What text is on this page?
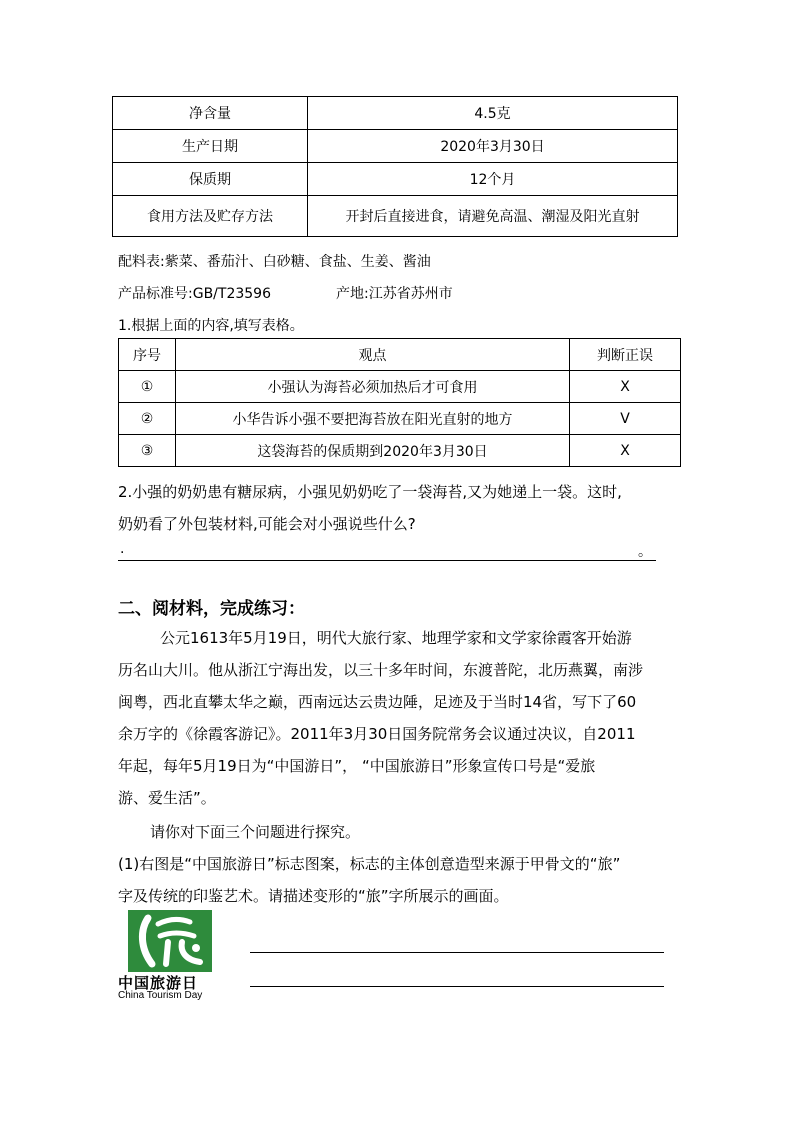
净含量	4.5克
生产日期	2020年3月30日
保质期	12个月
食用方法及贮存方法	开封后直接进食，请避免高温、潮湿及阳光直射
配料表:紫菜、番茄汁、白砂糖、食盐、生姜、酱油
产品标准号:GB/T23596	产地:江苏省苏州市
1.根据上面的内容,填写表格。
序号	观点	判断正误
①	小强认为海苔必须加热后才可食用	X
②	小华告诉小强不要把海苔放在阳光直射的地方	V
③	这袋海苔的保质期到2020年3月30日	X
2.小强的奶奶患有糖尿病，小强见奶奶吃了一袋海苔,又为她递上一袋。这时,
奶奶看了外包装材料,可能会对小强说些什么?
.	。
二、阅材料，完成练习：
公元1613年5月19日，明代大旅行家、地理学家和文学家徐霞客开始游
历名山大川。他从浙江宁海出发，以三十多年时间，东渡普陀，北历燕翼，南涉
闽粤，西北直攀太华之巅，西南远达云贵边陲，足迹及于当时14省，写下了60
余万字的《徐霞客游记》。2011年3月30日国务院常务会议通过决议，自2011
年起，每年5月19日为“中国游日”， “中国旅游日”形象宣传口号是“爱旅
游、爱生活”。
请你对下面三个问题进行探究。
(1)右图是“中国旅游日”标志图案，标志的主体创意造型来源于甲骨文的“旅”
字及传统的印鉴艺术。请描述变形的“旅”字所展示的画面。
中国旅游日
China Tourism Day
